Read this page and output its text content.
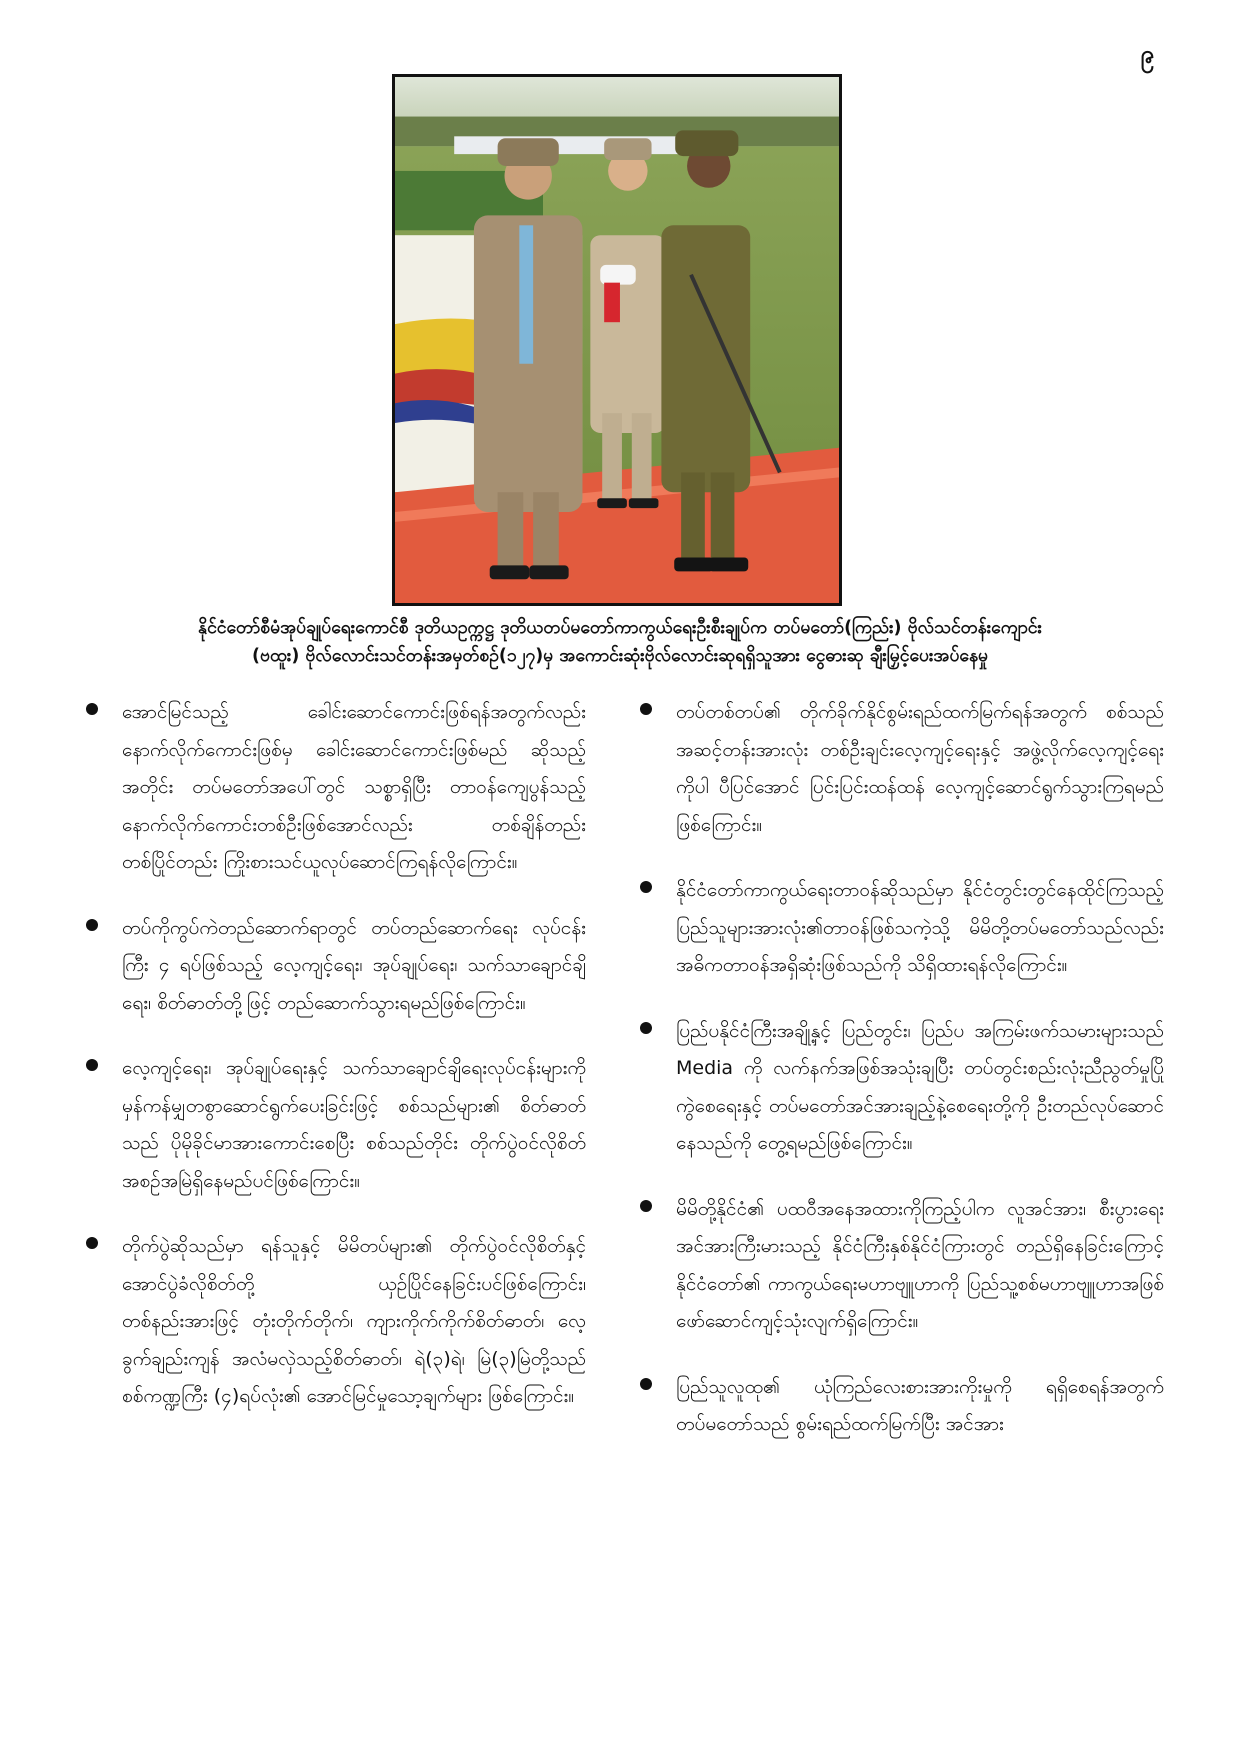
၉
နိုင်ငံတော်စီမံအုပ်ချုပ်ရေးကောင်စီ ဒုတိယဥက္ကဋ္ဌ ဒုတိယတပ်မတော်ကာကွယ်ရေးဦးစီးချုပ်က တပ်မတော်(ကြည်း) ဗိုလ်သင်တန်းကျောင်း
(ဗထူး) ဗိုလ်လောင်းသင်တန်းအမှတ်စဉ်(၁၂၇)မှ အကောင်းဆုံးဗိုလ်လောင်းဆုရရှိသူအား ငွေဓားဆု ချီးမြှင့်ပေးအပ်နေမှု

အောင်မြင်သည့် ခေါင်းဆောင်ကောင်းဖြစ်ရန်အတွက်လည်း နောက်လိုက်ကောင်းဖြစ်မှ ခေါင်းဆောင်ကောင်းဖြစ်မည် ဆိုသည့်အတိုင်း တပ်မတော်အပေါ်တွင် သစ္စာရှိပြီး တာဝန်ကျေပွန်သည့် နောက်လိုက်ကောင်းတစ်ဦးဖြစ်အောင်လည်း တစ်ချိန်တည်းတစ်ပြိုင်တည်း ကြိုးစားသင်ယူလုပ်ဆောင်ကြရန်လိုကြောင်း။

တပ်ကိုကွပ်ကဲတည်ဆောက်ရာတွင် တပ်တည်ဆောက်ရေး လုပ်ငန်းကြီး ၄ ရပ်ဖြစ်သည့် လေ့ကျင့်ရေး၊ အုပ်ချုပ်ရေး၊ သက်သာချောင်ချိရေး၊ စိတ်ဓာတ်တို့ဖြင့် တည်ဆောက်သွားရမည်ဖြစ်ကြောင်း။

လေ့ကျင့်ရေး၊ အုပ်ချုပ်ရေးနှင့် သက်သာချောင်ချိရေးလုပ်ငန်းများကို မှန်ကန်မျှတစွာဆောင်ရွက်ပေးခြင်းဖြင့် စစ်သည်များ၏ စိတ်ဓာတ်သည် ပိုမိုခိုင်မာအားကောင်းစေပြီး စစ်သည်တိုင်း တိုက်ပွဲဝင်လိုစိတ် အစဉ်အမြဲရှိနေမည်ပင်ဖြစ်ကြောင်း။

တိုက်ပွဲဆိုသည်မှာ ရန်သူနှင့် မိမိတပ်များ၏ တိုက်ပွဲဝင်လိုစိတ်နှင့် အောင်ပွဲခံလိုစိတ်တို့ ယှဉ်ပြိုင်နေခြင်းပင်ဖြစ်ကြောင်း၊ တစ်နည်းအားဖြင့် တုံးတိုက်တိုက်၊ ကျားကိုက်ကိုက်စိတ်ဓာတ်၊ လေ့ခွက်ချည်းကျန် အလံမလှဲသည့်စိတ်ဓာတ်၊ ရဲ(၃)ရဲ၊ မြဲ(၃)မြဲတို့သည် စစ်ကဏ္ဍကြီး (၄)ရပ်လုံး၏ အောင်မြင်မှုသော့ချက်များ ဖြစ်ကြောင်း။

တပ်တစ်တပ်၏ တိုက်ခိုက်နိုင်စွမ်းရည်ထက်မြက်ရန်အတွက် စစ်သည်အဆင့်တန်းအားလုံး တစ်ဦးချင်းလေ့ကျင့်ရေးနှင့် အဖွဲ့လိုက်လေ့ကျင့်ရေးကိုပါ ပီပြင်အောင် ပြင်းပြင်းထန်ထန် လေ့ကျင့်ဆောင်ရွက်သွားကြရမည်ဖြစ်ကြောင်း။

နိုင်ငံတော်ကာကွယ်ရေးတာဝန်ဆိုသည်မှာ နိုင်ငံတွင်းတွင်နေထိုင်ကြသည့် ပြည်သူများအားလုံး၏တာဝန်ဖြစ်သကဲ့သို့ မိမိတို့တပ်မတော်သည်လည်း အဓိကတာဝန်အရှိဆုံးဖြစ်သည်ကို သိရှိထားရန်လိုကြောင်း။

ပြည်ပနိုင်ငံကြီးအချို့နှင့် ပြည်တွင်း၊ ပြည်ပ အကြမ်းဖက်သမားများသည် Media ကို လက်နက်အဖြစ်အသုံးချပြီး တပ်တွင်းစည်းလုံးညီညွတ်မှုပြိုကွဲစေရေးနှင့် တပ်မတော်အင်အားချည့်နဲ့စေရေးတို့ကို ဦးတည်လုပ်ဆောင်နေသည်ကို တွေ့ရမည်ဖြစ်ကြောင်း။

မိမိတို့နိုင်ငံ၏ ပထဝီအနေအထားကိုကြည့်ပါက လူအင်အား၊ စီးပွားရေးအင်အားကြီးမားသည့် နိုင်ငံကြီးနှစ်နိုင်ငံကြားတွင် တည်ရှိနေခြင်းကြောင့် နိုင်ငံတော်၏ ကာကွယ်ရေးမဟာဗျူဟာကို ပြည်သူ့စစ်မဟာဗျူဟာအဖြစ် ဖော်ဆောင်ကျင့်သုံးလျက်ရှိကြောင်း။

ပြည်သူလူထု၏ ယုံကြည်လေးစားအားကိုးမှုကို ရရှိစေရန်အတွက် တပ်မတော်သည် စွမ်းရည်ထက်မြက်ပြီး အင်အား
